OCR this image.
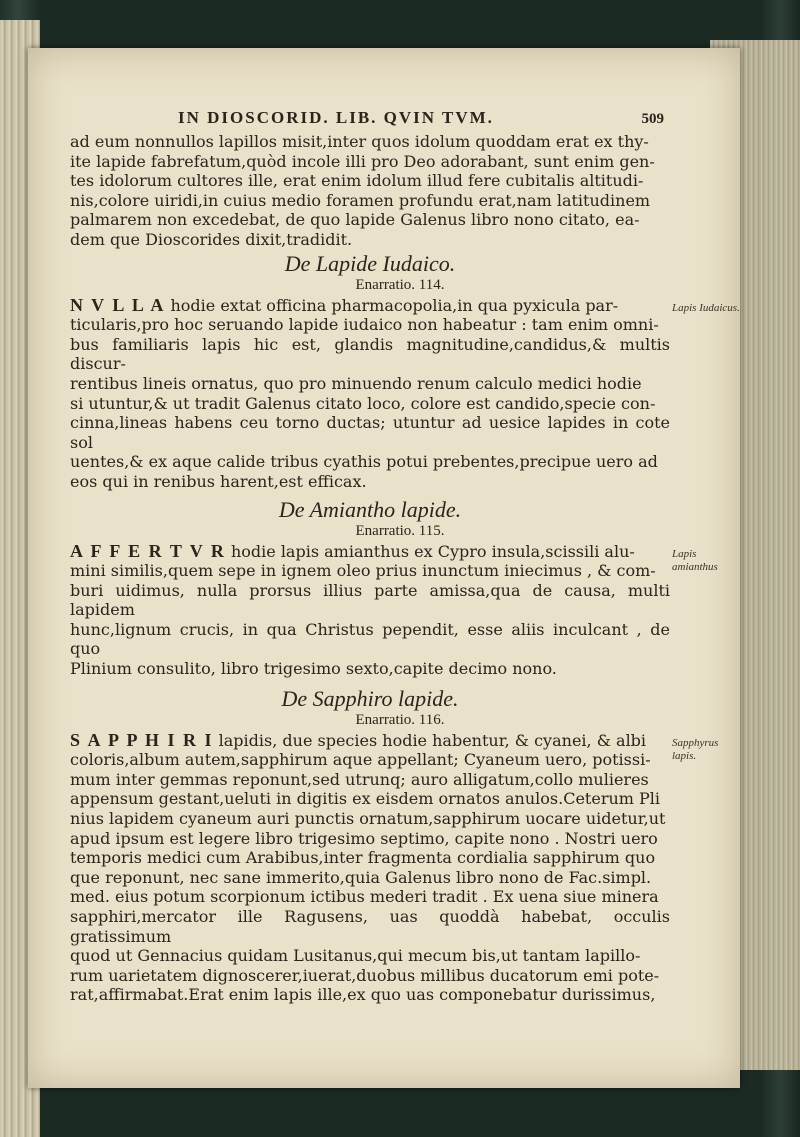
IN DIOSCORID. LIB. QVIN TVM.	509

ad eum nonnullos lapillos misit,inter quos idolum quoddam erat ex thy-
ite lapide fabrefatum,quòd incole illi pro Deo adorabant, sunt enim gen-
tes idolorum cultores ille, erat enim idolum illud fere cubitalis altitudi-
nis,colore uiridi,in cuius medio foramen profundu erat,nam latitudinem
palmarem non excedebat, de quo lapide Galenus libro nono citato, ea-
dem que Dioscorides dixit,tradidit.

De Lapide Iudaico.
Enarratio. 114.

N V L L A hodie extat officina pharmacopolia,in qua pyxicula par-
ticularis,pro hoc seruando lapide iudaico non habeatur : tam enim omni-
bus familiaris lapis hic est, glandis magnitudine,candidus,& multis discur-
rentibus lineis ornatus, quo pro minuendo renum calculo medici hodie
si utuntur,& ut tradit Galenus citato loco, colore est candido,specie con-
cinna,lineas habens ceu torno ductas; utuntur ad uesice lapides in cote sol
uentes,& ex aque calide tribus cyathis potui prebentes,precipue uero ad
eos qui in renibus harent,est efficax.

Lapis Iudaicus.
De Amiantho lapide.
Enarratio. 115.

A F F E R T V R hodie lapis amianthus ex Cypro insula,scissili alu-
mini similis,quem sepe in ignem oleo prius inunctum iniecimus , & com-
buri uidimus, nulla prorsus illius parte amissa,qua de causa, multi lapidem
hunc,lignum crucis, in qua Christus pependit, esse aliis inculcant , de quo
Plinium consulito, libro trigesimo sexto,capite decimo nono.

Lapis amianthus
De Sapphiro lapide.
Enarratio. 116.

S A P P H I R I lapidis, due species hodie habentur, & cyanei, & albi
coloris,album autem,sapphirum aque appellant; Cyaneum uero, potissi-
mum inter gemmas reponunt,sed utrunq; auro alligatum,collo mulieres
appensum gestant,ueluti in digitis ex eisdem ornatos anulos.Ceterum Pli
nius lapidem cyaneum auri punctis ornatum,sapphirum uocare uidetur,ut
apud ipsum est legere libro trigesimo septimo, capite nono . Nostri uero
temporis medici cum Arabibus,inter fragmenta cordialia sapphirum quo
que reponunt, nec sane immerito,quia Galenus libro nono de Fac.simpl.
med. eius potum scorpionum ictibus mederi tradit . Ex uena siue minera
sapphiri,mercator ille Ragusens, uas quoddà habebat, occulis gratissimum
quod ut Gennacius quidam Lusitanus,qui mecum bis,ut tantam lapillo-
rum uarietatem dignoscerer,iuerat,duobus millibus ducatorum emi pote-
rat,affirmabat.Erat enim lapis ille,ex quo uas componebatur durissimus,

Sapphyrus lapis.
